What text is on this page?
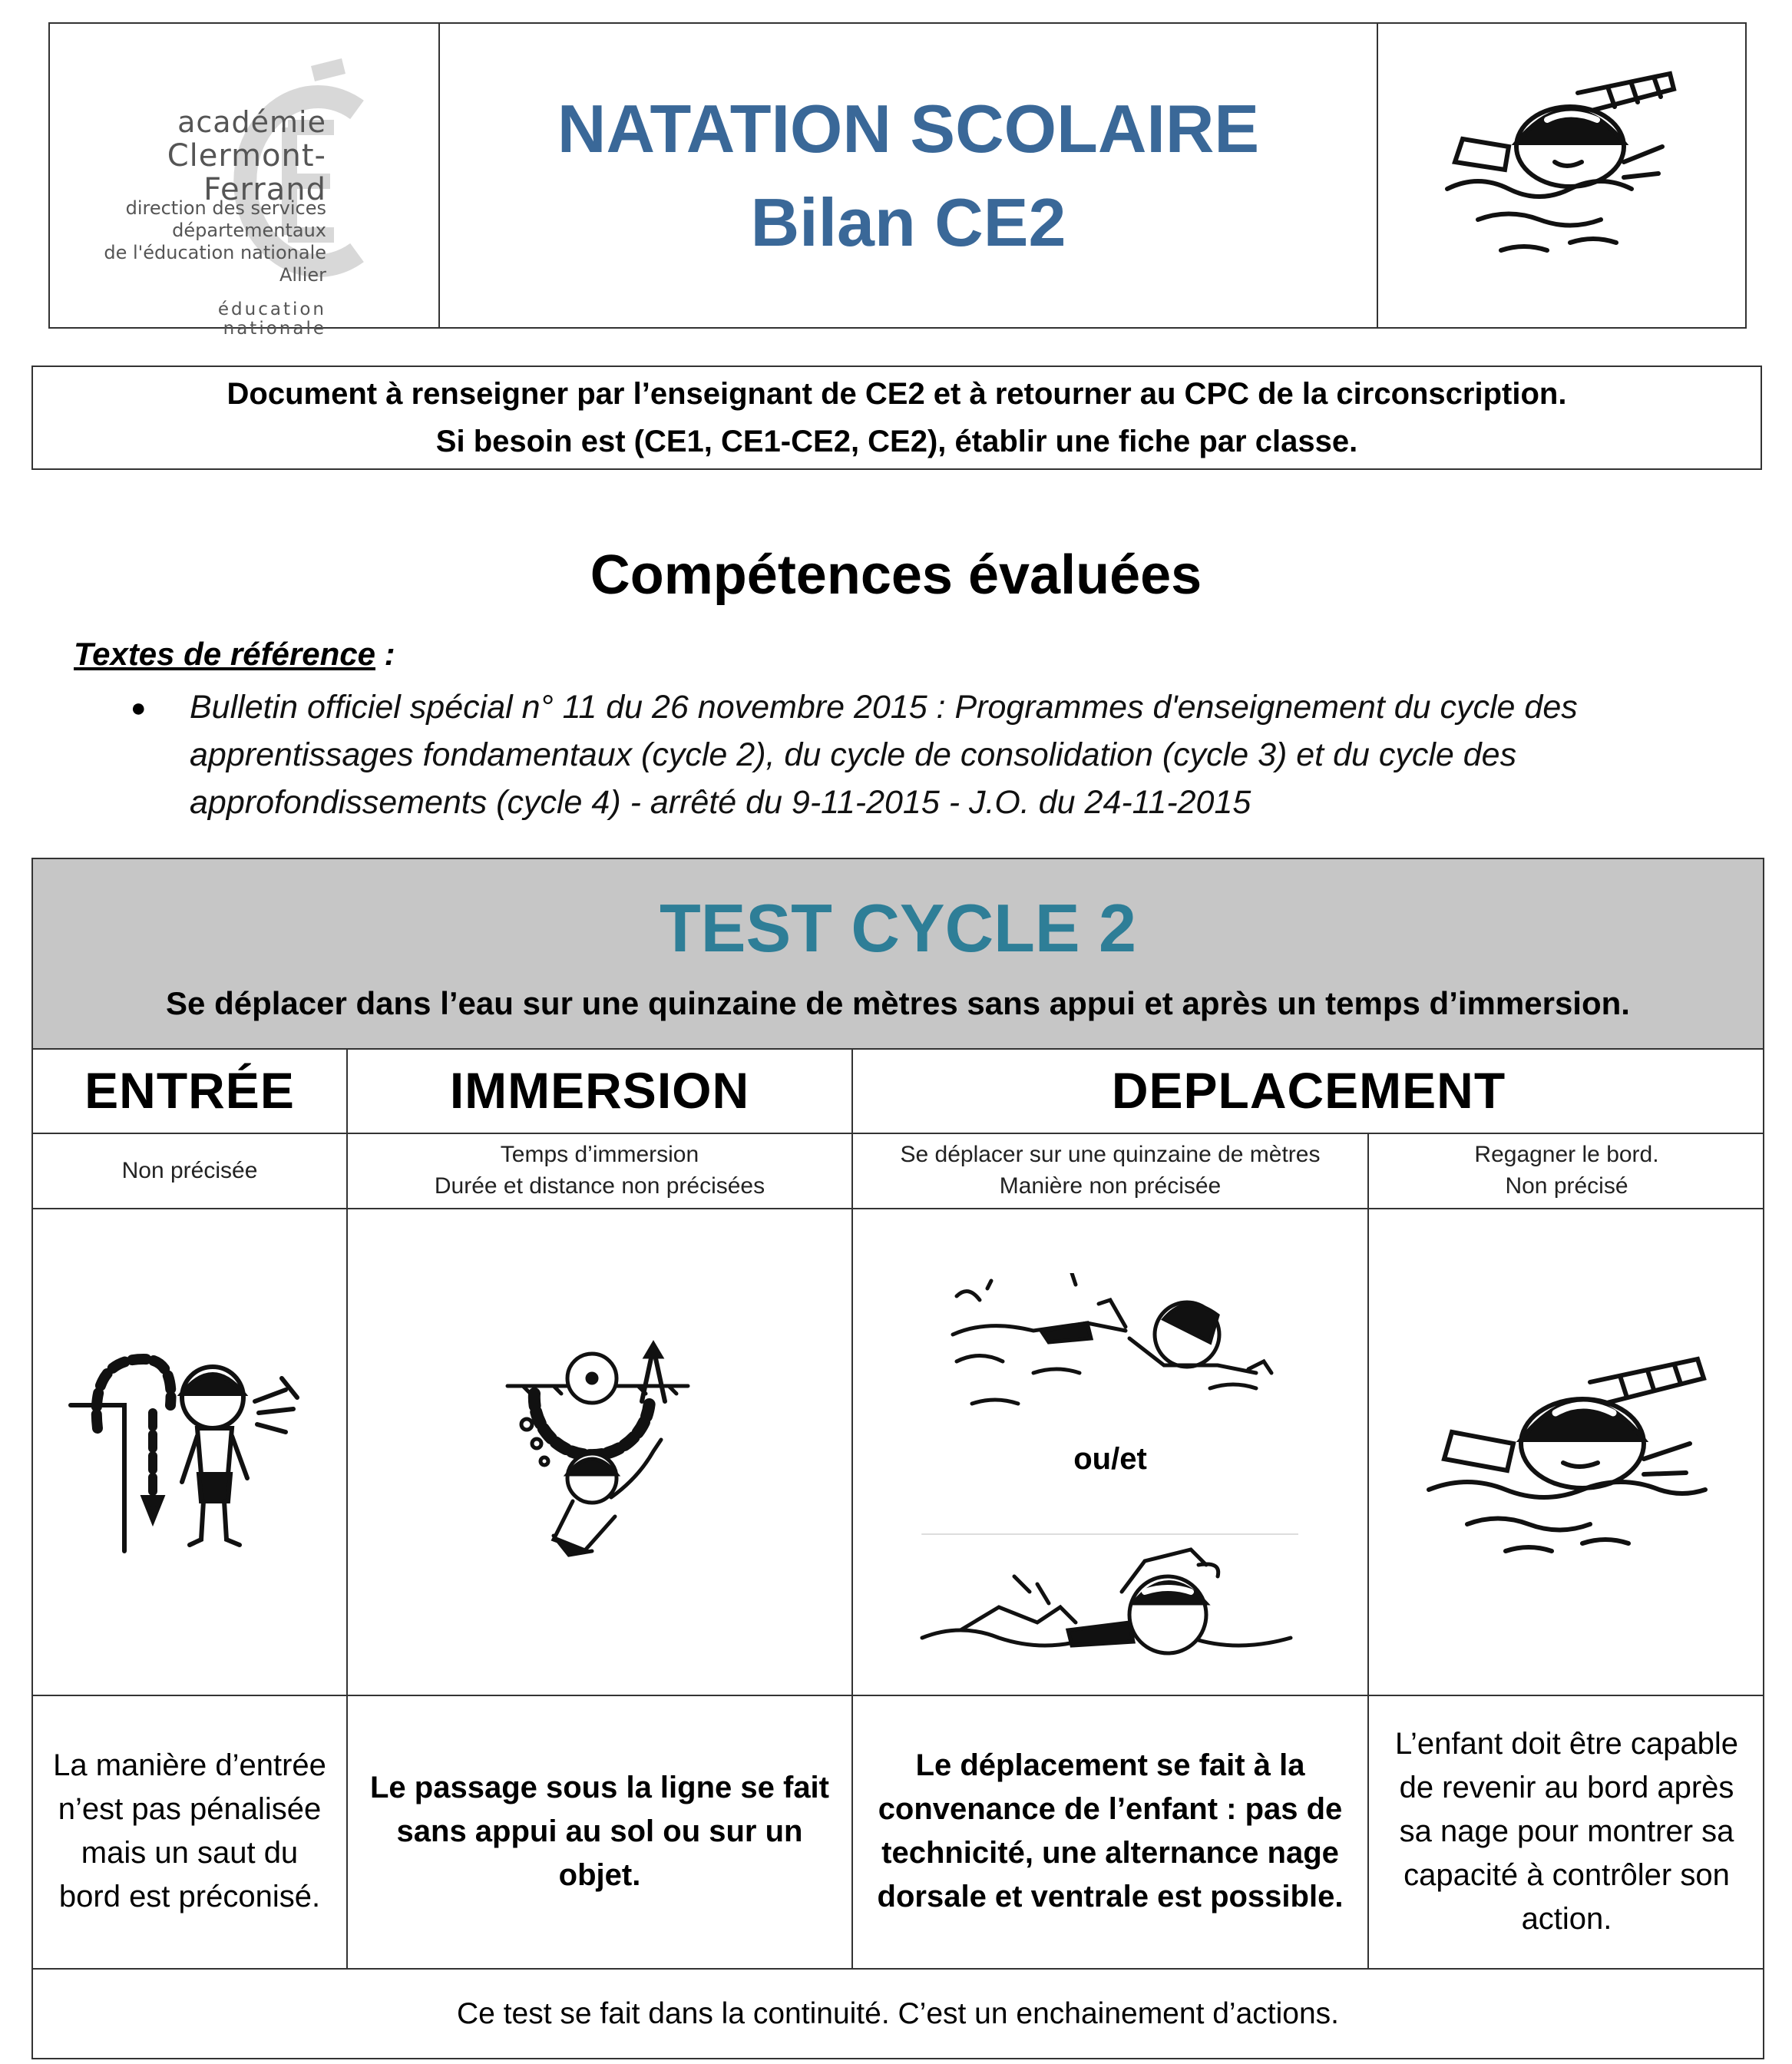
académie
Clermont-Ferrand
direction des services
départementaux
de l'éducation nationale
Allier
éducation
nationale
NATATION SCOLAIRE
Bilan CE2
Document à renseigner par l’enseignant de CE2 et à retourner au CPC de la circonscription.
Si besoin est (CE1, CE1-CE2, CE2), établir une fiche par classe.
Compétences évaluées
Textes de référence :
● Bulletin officiel spécial n° 11 du 26 novembre 2015 : Programmes d'enseignement du cycle des apprentissages fondamentaux (cycle 2), du cycle de consolidation (cycle 3) et du cycle des approfondissements (cycle 4) - arrêté du 9-11-2015 - J.O. du 24-11-2015
TEST CYCLE 2
Se déplacer dans l’eau sur une quinzaine de mètres sans appui et après un temps d’immersion.
ENTRÉE	IMMERSION	DEPLACEMENT
Non précisée
Temps d’immersion
Durée et distance non précisées
Se déplacer sur une quinzaine de mètres
Manière non précisée
Regagner le bord.
Non précisé
ou/et
La manière d’entrée n’est pas pénalisée mais un saut du bord est préconisé.
Le passage sous la ligne se fait sans appui au sol ou sur un objet.
Le déplacement se fait à la convenance de l’enfant : pas de technicité, une alternance nage dorsale et ventrale est possible.
L’enfant doit être capable de revenir au bord après sa nage pour montrer sa capacité à contrôler son action.
Ce test se fait dans la continuité. C’est un enchainement d’actions.
